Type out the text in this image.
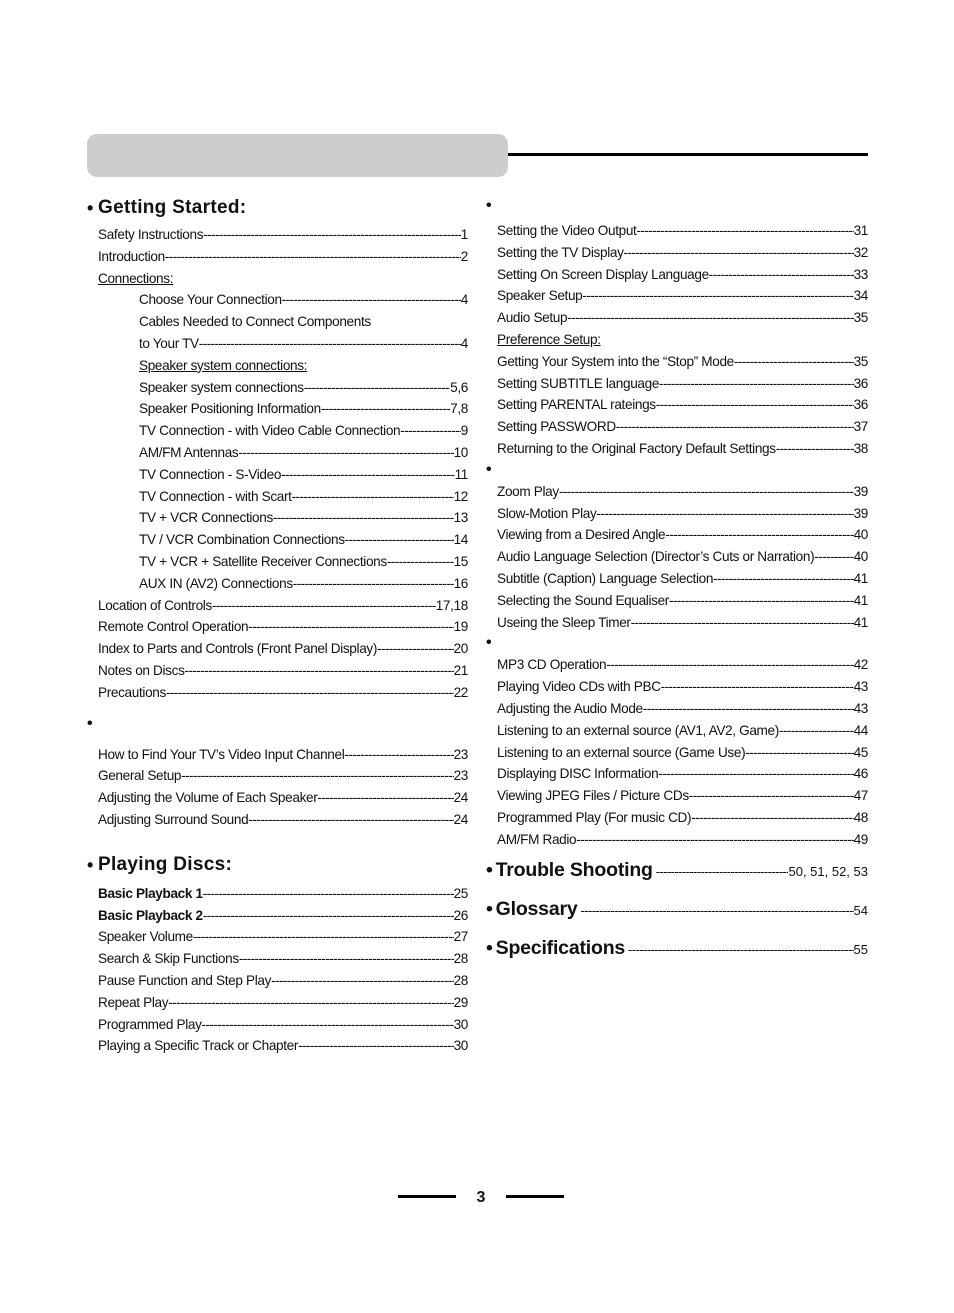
• Getting Started:
Safety Instructions -----	1
Introduction -----	2
Connections:
Choose Your Connection -----	4
Cables Needed to Connect Components
to Your TV -----	4
Speaker system connections:
Speaker system connections -----	5,6
Speaker Positioning Information -----	7,8
TV Connection - with Video Cable Connection -----	9
AM/FM Antennas -----	10
TV Connection - S-Video -----	11
TV Connection - with Scart -----	12
TV + VCR Connections -----	13
TV / VCR Combination Connections -----	14
TV + VCR + Satellite Receiver Connections -----	15
AUX IN (AV2) Connections -----	16
Location of Controls -----	17,18
Remote Control Operation -----	19
Index to Parts and Controls (Front Panel Display) -----	20
Notes on Discs -----	21
Precautions -----	22
•
How to Find Your TV’s Video Input Channel -----	23
General Setup -----	23
Adjusting the Volume of Each Speaker -----	24
Adjusting Surround Sound -----	24
• Playing Discs:
Basic Playback 1 -----	25
Basic Playback 2 -----	26
Speaker Volume -----	27
Search & Skip Functions -----	28
Pause Function and Step Play -----	28
Repeat Play -----	29
Programmed Play -----	30
Playing a Specific Track or Chapter -----	30
•
Setting the Video Output -----	31
Setting the TV Display -----	32
Setting On Screen Display Language -----	33
Speaker Setup -----	34
Audio Setup -----	35
Preference Setup:
Getting Your System into the “Stop” Mode -----	35
Setting SUBTITLE language -----	36
Setting PARENTAL rateings -----	36
Setting PASSWORD -----	37
Returning to the Original Factory Default Settings -----	38
•
Zoom Play -----	39
Slow-Motion Play -----	39
Viewing from a Desired Angle -----	40
Audio Language Selection (Director’s Cuts or Narration) -----	40
Subtitle (Caption) Language Selection -----	41
Selecting the Sound Equaliser -----	41
Useing the Sleep Timer -----	41
•
MP3 CD Operation -----	42
Playing Video CDs with PBC -----	43
Adjusting the Audio Mode -----	43
Listening to an external source (AV1, AV2, Game) -----	44
Listening to an external source (Game Use) -----	45
Displaying DISC Information -----	46
Viewing JPEG Files / Picture CDs -----	47
Programmed Play (For music CD) -----	48
AM/FM Radio -----	49
• Trouble Shooting -----	50, 51, 52, 53
• Glossary -----	54
• Specifications -----	55
3
